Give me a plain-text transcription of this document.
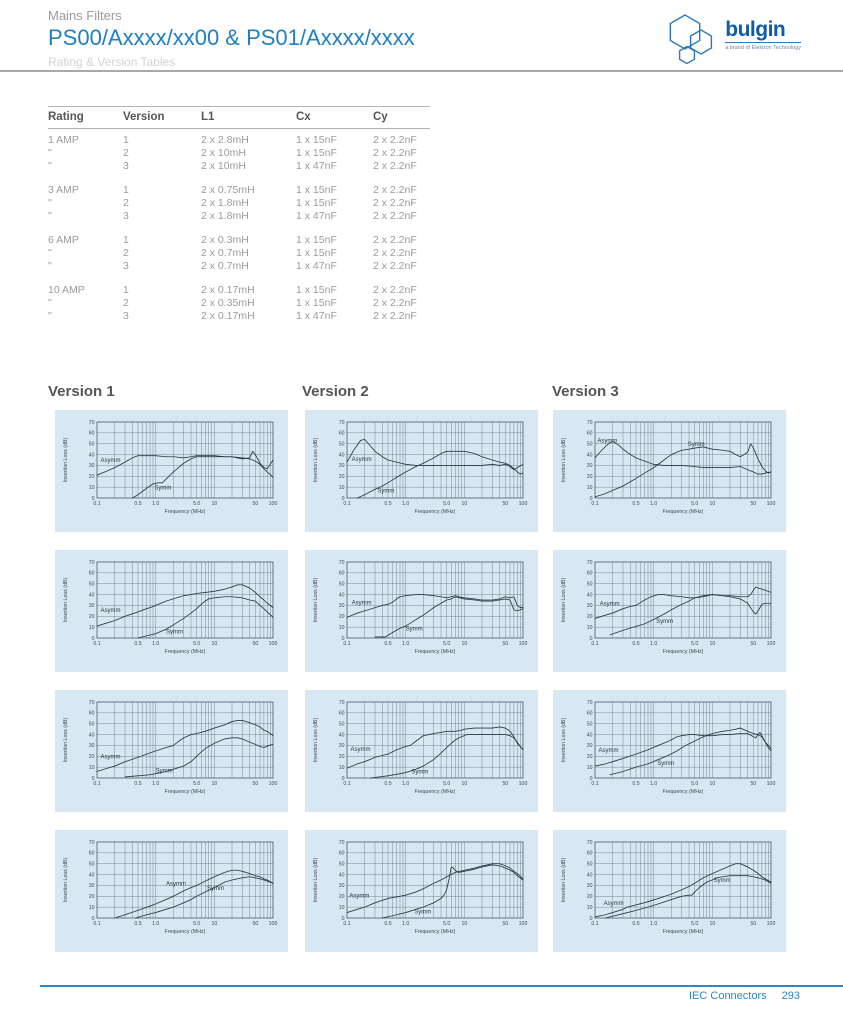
Mains Filters
PS00/Axxxx/xx00 & PS01/Axxxx/xxxx
Rating & Version Tables
bulgin
a brand of Elektron Technology
Rating	Version	L1	Cx	Cy
1 AMP	1	2 x 2.8mH	1 x 15nF	2 x 2.2nF
"	2	2 x 10mH	1 x 15nF	2 x 2.2nF
"	3	2 x 10mH	1 x 47nF	2 x 2.2nF

3 AMP	1	2 x 0.75mH	1 x 15nF	2 x 2.2nF
"	2	2 x 1.8mH	1 x 15nF	2 x 2.2nF
"	3	2 x 1.8mH	1 x 47nF	2 x 2.2nF

6 AMP	1	2 x 0.3mH	1 x 15nF	2 x 2.2nF
"	2	2 x 0.7mH	1 x 15nF	2 x 2.2nF
"	3	2 x 0.7mH	1 x 47nF	2 x 2.2nF

10 AMP	1	2 x 0.17mH	1 x 15nF	2 x 2.2nF
"	2	2 x 0.35mH	1 x 15nF	2 x 2.2nF
"	3	2 x 0.17mH	1 x 47nF	2 x 2.2nF
Version 1	Version 2	Version 3
0
10
20
30
40
50
60
70
0.1	0.5 1.0	5.0 10	50 100
Frequency (MHz)
Insertion Loss (dB)	Asymm
Symm
0
10
20
30
40
50
60
70
0.1	0.5 1.0	5.0 10	50 100
Frequency (MHz)
Insertion Loss (dB)	Asymm
Symm
0
10
20
30
40
50
60
70
0.1	0.5 1.0	5.0 10	50 100
Frequency (MHz)
Insertion Loss (dB)	Asymm
Symm
0
10
20
30
40
50
60
70
0.1	0.5 1.0	5.0 10	50 100
Frequency (MHz)
Insertion Loss (dB)	Asymm
Symm
0
10
20
30
40
50
60
70
0.1	0.5 1.0	5.0 10	50 100
Frequency (MHz)
Insertion Loss (dB)	Asymm
Symm
0
10
20
30
40
50
60
70
0.1	0.5 1.0	5.0 10	50 100
Frequency (MHz)
Insertion Loss (dB)	Asymm
Symm
0
10
20
30
40
50
60
70
0.1	0.5 1.0	5.0 10	50 100
Frequency (MHz)
Insertion Loss (dB)	Asymm
Symm
0
10
20
30
40
50
60
70
0.1	0.5 1.0	5.0 10	50 100
Frequency (MHz)
Insertion Loss (dB)	Asymm
Symm
0
10
20
30
40
50
60
70
0.1	0.5 1.0	5.0 10	50 100
Frequency (MHz)
Insertion Loss (dB)	Asymm
Symm
0
10
20
30
40
50
60
70
0.1	0.5 1.0	5.0 10	50 100
Frequency (MHz)
Insertion Loss (dB)	Asymm
Symm
0
10
20
30
40
50
60
70
0.1	0.5 1.0	5.0 10	50 100
Frequency (MHz)
Insertion Loss (dB)	Asymm
Symm
0
10
20
30
40
50
60
70
0.1	0.5 1.0	5.0 10	50 100
Frequency (MHz)
Insertion Loss (dB)
Asymm
Symm
IEC Connectors 293
